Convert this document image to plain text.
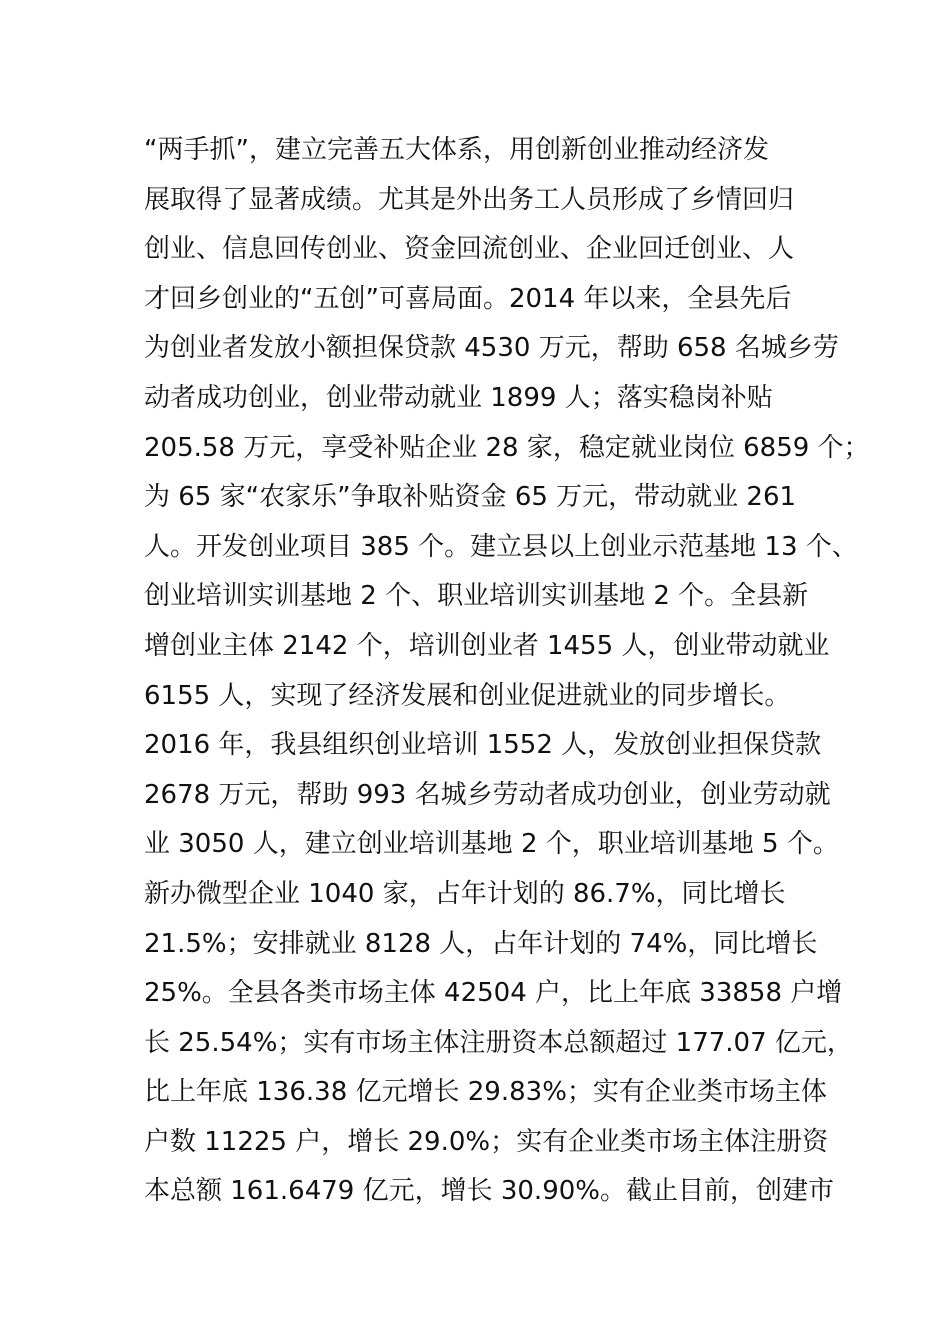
“两手抓”，建立完善五大体系，用创新创业推动经济发
展取得了显著成绩。尤其是外出务工人员形成了乡情回归
创业、信息回传创业、资金回流创业、企业回迁创业、人
才回乡创业的“五创”可喜局面。2014 年以来，全县先后
为创业者发放小额担保贷款 4530 万元，帮助 658 名城乡劳
动者成功创业，创业带动就业 1899 人；落实稳岗补贴
205.58 万元，享受补贴企业 28 家，稳定就业岗位 6859 个；
为 65 家“农家乐”争取补贴资金 65 万元，带动就业 261
人。开发创业项目 385 个。建立县以上创业示范基地 13 个、
创业培训实训基地 2 个、职业培训实训基地 2 个。全县新
增创业主体 2142 个，培训创业者 1455 人，创业带动就业
6155 人，实现了经济发展和创业促进就业的同步增长。
2016 年，我县组织创业培训 1552 人，发放创业担保贷款
2678 万元，帮助 993 名城乡劳动者成功创业，创业劳动就
业 3050 人，建立创业培训基地 2 个，职业培训基地 5 个。
新办微型企业 1040 家，占年计划的 86.7%，同比增长
21.5%；安排就业 8128 人，占年计划的 74%，同比增长
25%。全县各类市场主体 42504 户，比上年底 33858 户增
长 25.54%；实有市场主体注册资本总额超过 177.07 亿元，
比上年底 136.38 亿元增长 29.83%；实有企业类市场主体
户数 11225 户，增长 29.0%；实有企业类市场主体注册资
本总额 161.6479 亿元，增长 30.90%。截止目前，创建市
